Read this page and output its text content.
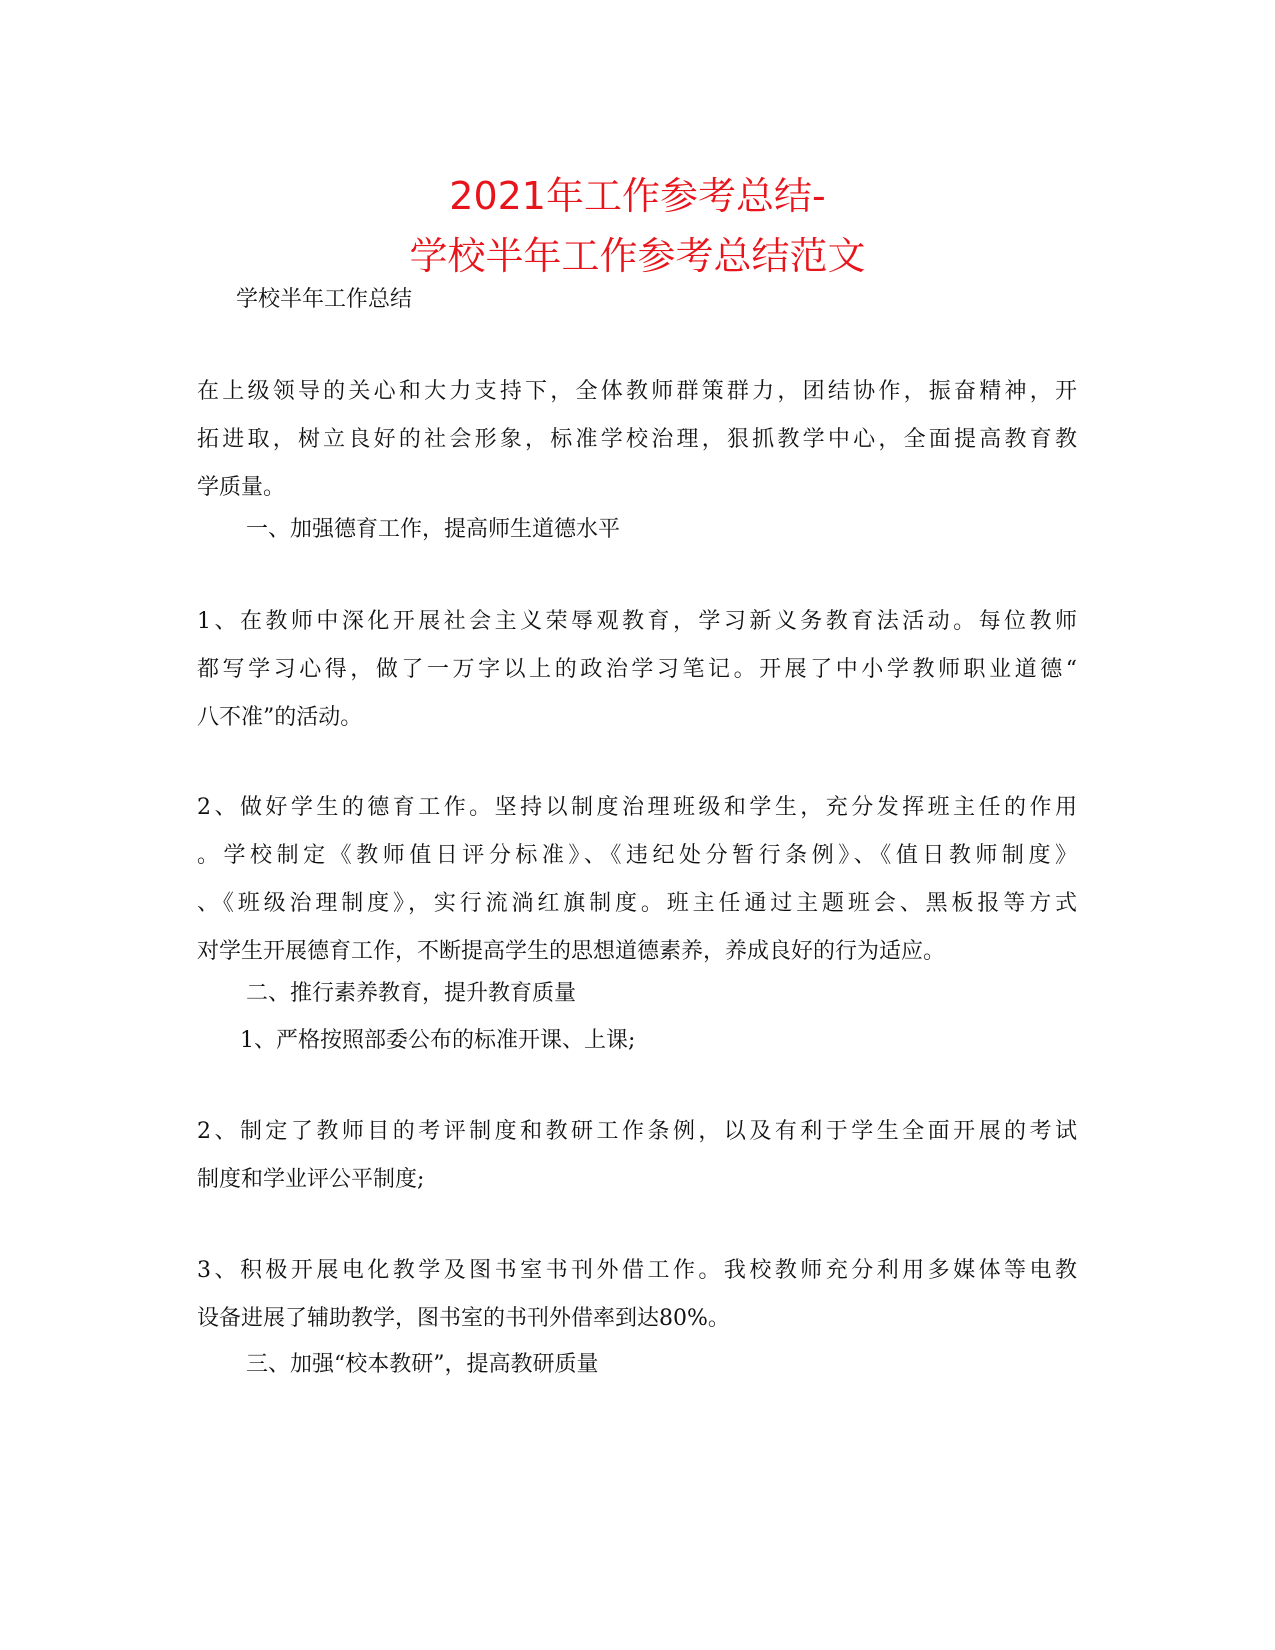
2021年工作参考总结-
学校半年工作参考总结范文
学校半年工作总结
在上级领导的关心和大力支持下，全体教师群策群力，团结协作，振奋精神，开
拓进取，树立良好的社会形象，标准学校治理，狠抓教学中心，全面提高教育教
学质量。
一、加强德育工作，提高师生道德水平
1、在教师中深化开展社会主义荣辱观教育，学习新义务教育法活动。每位教师
都写学习心得，做了一万字以上的政治学习笔记。开展了中小学教师职业道德“
八不准”的活动。
2、做好学生的德育工作。坚持以制度治理班级和学生，充分发挥班主任的作用
。学校制定《教师值日评分标准》、《违纪处分暂行条例》、《值日教师制度》
、《班级治理制度》，实行流淌红旗制度。班主任通过主题班会、黑板报等方式
对学生开展德育工作，不断提高学生的思想道德素养，养成良好的行为适应。
二、推行素养教育，提升教育质量
1、严格按照部委公布的标准开课、上课;
2、制定了教师目的考评制度和教研工作条例，以及有利于学生全面开展的考试
制度和学业评公平制度;
3、积极开展电化教学及图书室书刊外借工作。我校教师充分利用多媒体等电教
设备进展了辅助教学，图书室的书刊外借率到达80%。
三、加强“校本教研”，提高教研质量
